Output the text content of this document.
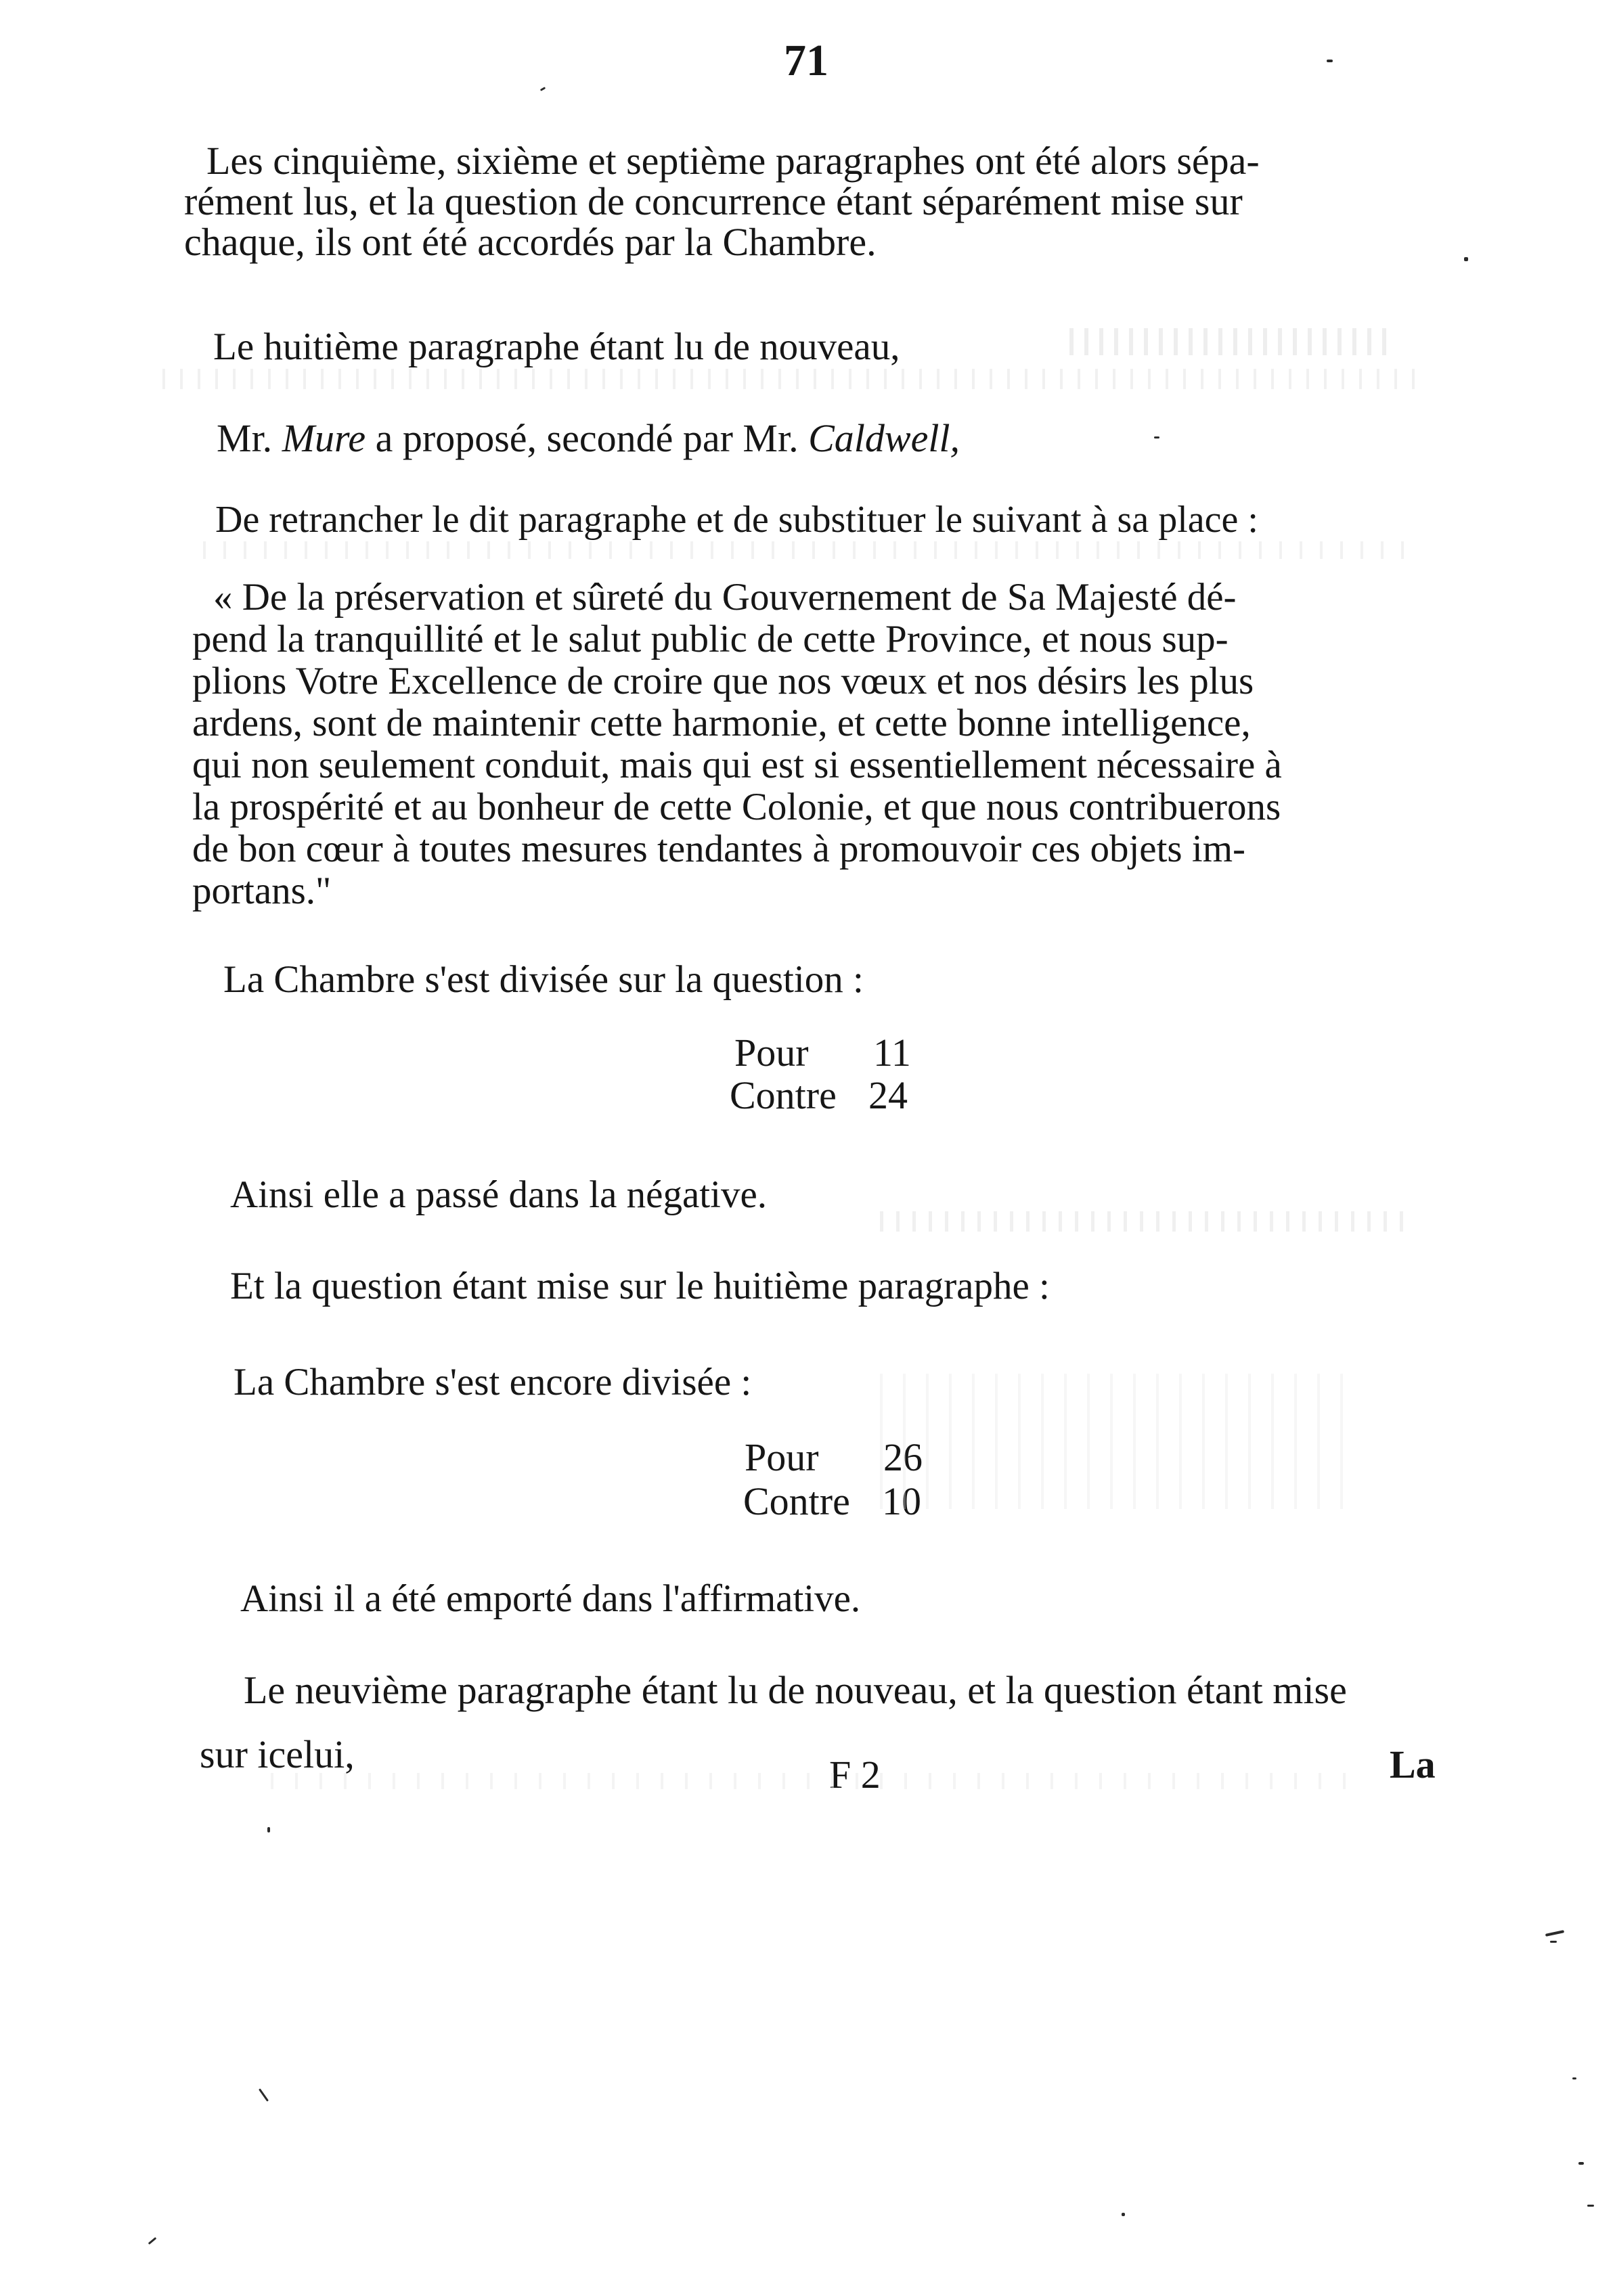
71
Les cinquième, sixième et septième paragraphes ont été alors sépa-
rément lus, et la question de concurrence étant séparément mise sur
chaque, ils ont été accordés par la Chambre.
Le huitième paragraphe étant lu de nouveau,
Mr. Mure a proposé, secondé par Mr. Caldwell,
De retrancher le dit paragraphe et de substituer le suivant à sa place :
« De la préservation et sûreté du Gouvernement de Sa Majesté dé-
pend la tranquillité et le salut public de cette Province, et nous sup-
plions Votre Excellence de croire que nos vœux et nos désirs les plus
ardens, sont de maintenir cette harmonie, et cette bonne intelligence,
qui non seulement conduit, mais qui est si essentiellement nécessaire à
la prospérité et au bonheur de cette Colonie, et que nous contribuerons
de bon cœur à toutes mesures tendantes à promouvoir ces objets im-
portans."
La Chambre s'est divisée sur la question :
Pour 11
Contre 24
Ainsi elle a passé dans la négative.
Et la question étant mise sur le huitième paragraphe :
La Chambre s'est encore divisée :
Pour 26
Contre 10
Ainsi il a été emporté dans l'affirmative.
Le neuvième paragraphe étant lu de nouveau, et la question étant mise
sur icelui,	F 2	La
